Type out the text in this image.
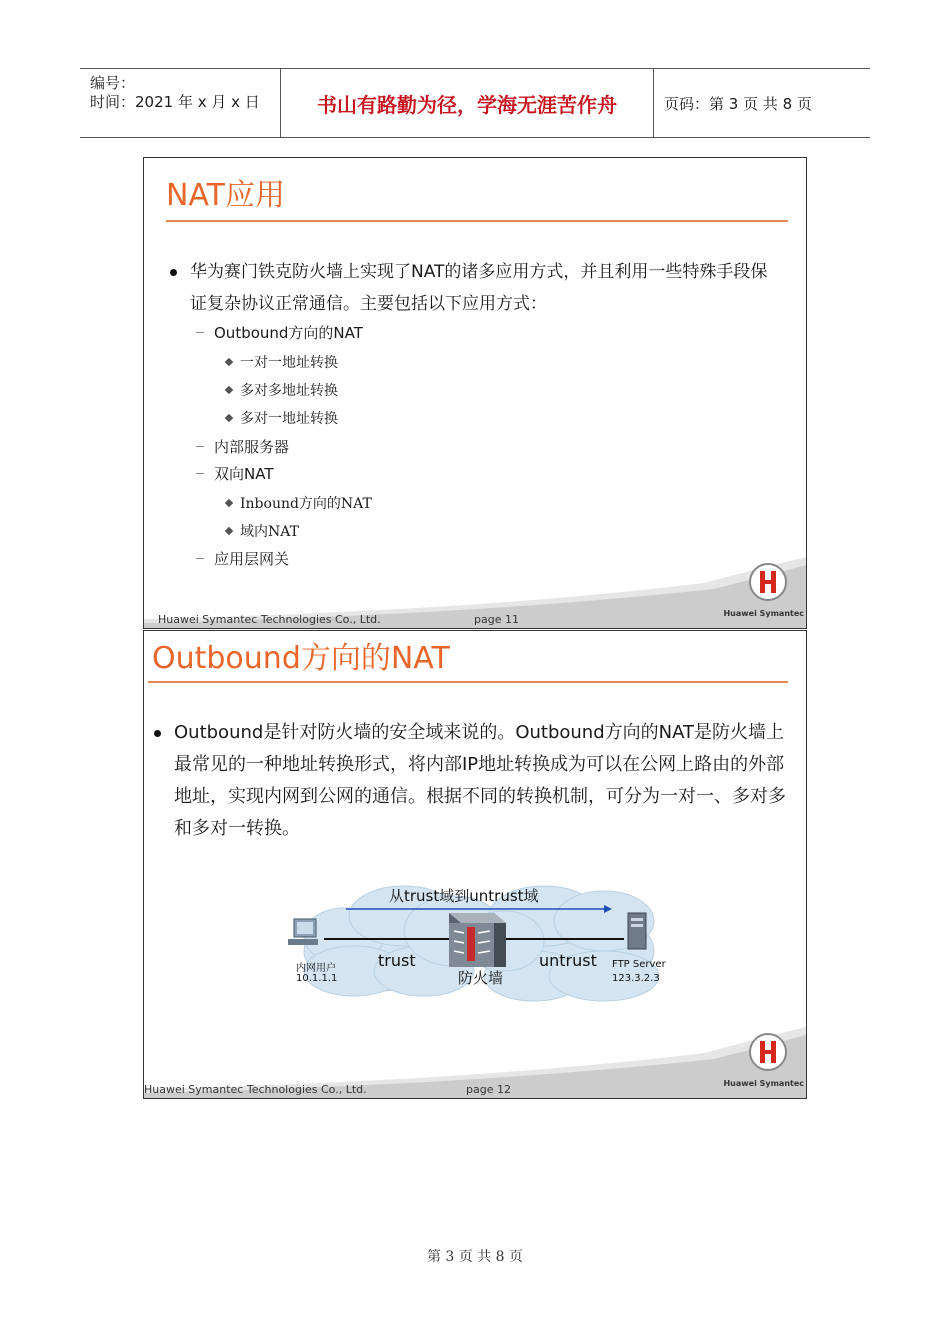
编号：
时间：2021 年 x 月 x 日	书山有路勤为径，学海无涯苦作舟	页码：第 3 页 共 8 页
NAT应用
华为赛门铁克防火墙上实现了NAT的诸多应用方式，并且利用一些特殊手段保证复杂协议正常通信。主要包括以下应用方式：
Outbound方向的NAT
一对一地址转换
多对多地址转换
多对一地址转换
内部服务器
双向NAT
Inbound方向的NAT
域内NAT
应用层网关
Huawei Symantec
Huawei Symantec Technologies Co., Ltd.	page 11
Outbound方向的NAT
Outbound是针对防火墙的安全域来说的。Outbound方向的NAT是防火墙上最常见的一种地址转换形式，将内部IP地址转换成为可以在公网上路由的外部地址，实现内网到公网的通信。根据不同的转换机制，可分为一对一、多对多和多对一转换。
从trust域到untrust域
trust	untrust
防火墙
内网用户
10.1.1.1
FTP Server
123.3.2.3
Huawei Symantec
Huawei Symantec Technologies Co., Ltd.	page 12
第 3 页 共 8 页
